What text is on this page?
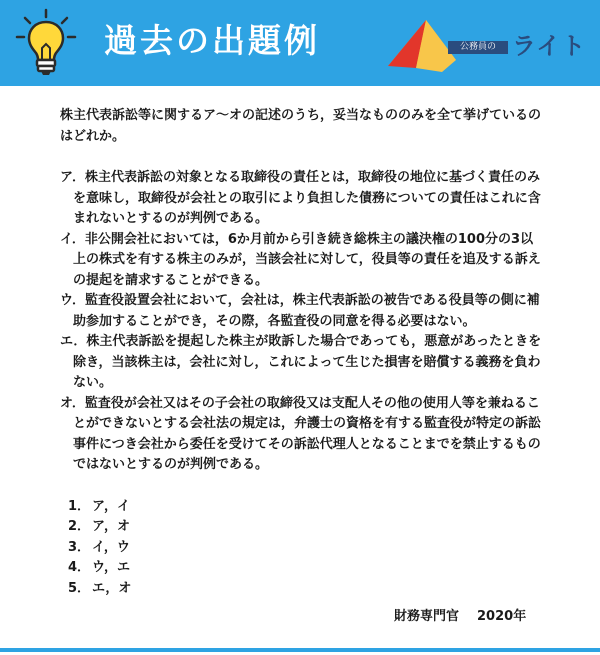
過去の出題例	公務員の ライト

株主代表訴訟等に関するア～オの記述のうち，妥当なもののみを全て挙げているのはどれか。

ア．株主代表訴訟の対象となる取締役の責任とは，取締役の地位に基づく責任のみを意味し，取締役が会社との取引により負担した債務についての責任はこれに含まれないとするのが判例である。

イ．非公開会社においては，6か月前から引き続き総株主の議決権の100分の3以上の株式を有する株主のみが，当該会社に対して，役員等の責任を追及する訴えの提起を請求することができる。

ウ．監査役設置会社において，会社は，株主代表訴訟の被告である役員等の側に補助参加することができ，その際，各監査役の同意を得る必要はない。

エ．株主代表訴訟を提起した株主が敗訴した場合であっても，悪意があったときを除き，当該株主は，会社に対し，これによって生じた損害を賠償する義務を負わない。

オ．監査役が会社又はその子会社の取締役又は支配人その他の使用人等を兼ねることができないとする会社法の規定は，弁護士の資格を有する監査役が特定の訴訟事件につき会社から委任を受けてその訴訟代理人となることまでを禁止するものではないとするのが判例である。

1． ア，イ
2． ア，オ
3． イ，ウ
4． ウ，エ
5． エ，オ
財務専門官 2020年
